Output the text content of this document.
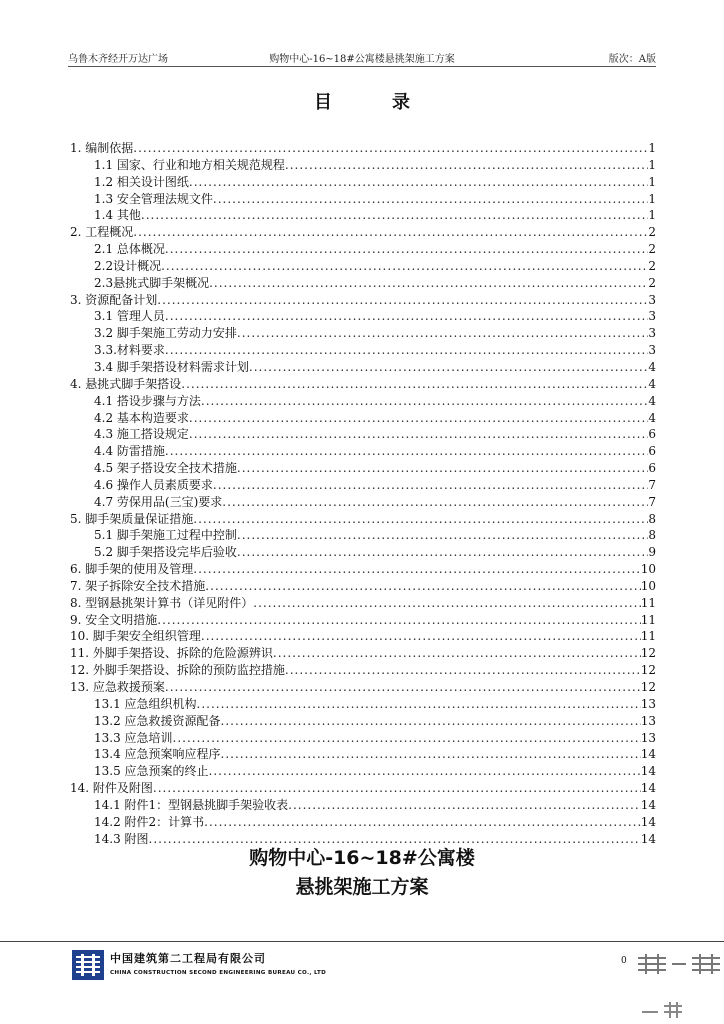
乌鲁木齐经开万达广场	购物中心-16~18#公寓楼悬挑架施工方案	版次：A版
目录
1. 编制依据 .....	1
1.1 国家、行业和地方相关规范规程 .....	1
1.2 相关设计图纸 .....	1
1.3 安全管理法规文件 .....	1
1.4 其他 .....	1
2. 工程概况 .....	2
2.1 总体概况 .....	2
2.2设计概况 .....	2
2.3悬挑式脚手架概况 .....	2
3. 资源配备计划 .....	3
3.1 管理人员 .....	3
3.2 脚手架施工劳动力安排 .....	3
3.3.材料要求 .....	3
3.4 脚手架搭设材料需求计划 .....	4
4. 悬挑式脚手架搭设 .....	4
4.1 搭设步骤与方法 .....	4
4.2 基本构造要求 .....	4
4.3 施工搭设规定 .....	6
4.4 防雷措施 .....	6
4.5 架子搭设安全技术措施 .....	6
4.6 操作人员素质要求 .....	7
4.7 劳保用品(三宝)要求 .....	7
5. 脚手架质量保证措施 .....	8
5.1 脚手架施工过程中控制 .....	8
5.2 脚手架搭设完毕后验收 .....	9
6. 脚手架的使用及管理 .....	10
7. 架子拆除安全技术措施 .....	10
8. 型钢悬挑架计算书（详见附件） .....	11
9. 安全文明措施 .....	11
10. 脚手架安全组织管理 .....	11
11. 外脚手架搭设、拆除的危险源辨识 .....	12
12. 外脚手架搭设、拆除的预防监控措施 .....	12
13. 应急救援预案 .....	12
13.1 应急组织机构 .....	13
13.2 应急救援资源配备 .....	13
13.3 应急培训 .....	13
13.4 应急预案响应程序 .....	14
13.5 应急预案的终止 .....	14
14. 附件及附图 .....	14
14.1 附件1：型钢悬挑脚手架验收表 .....	14
14.2 附件2：计算书 .....	14
14.3 附图 .....	14
购物中心-16~18#公寓楼
悬挑架施工方案
中国建筑第二工程局有限公司
CHINA CONSTRUCTION SECOND ENGINEERING BUREAU CO., LTD
0
